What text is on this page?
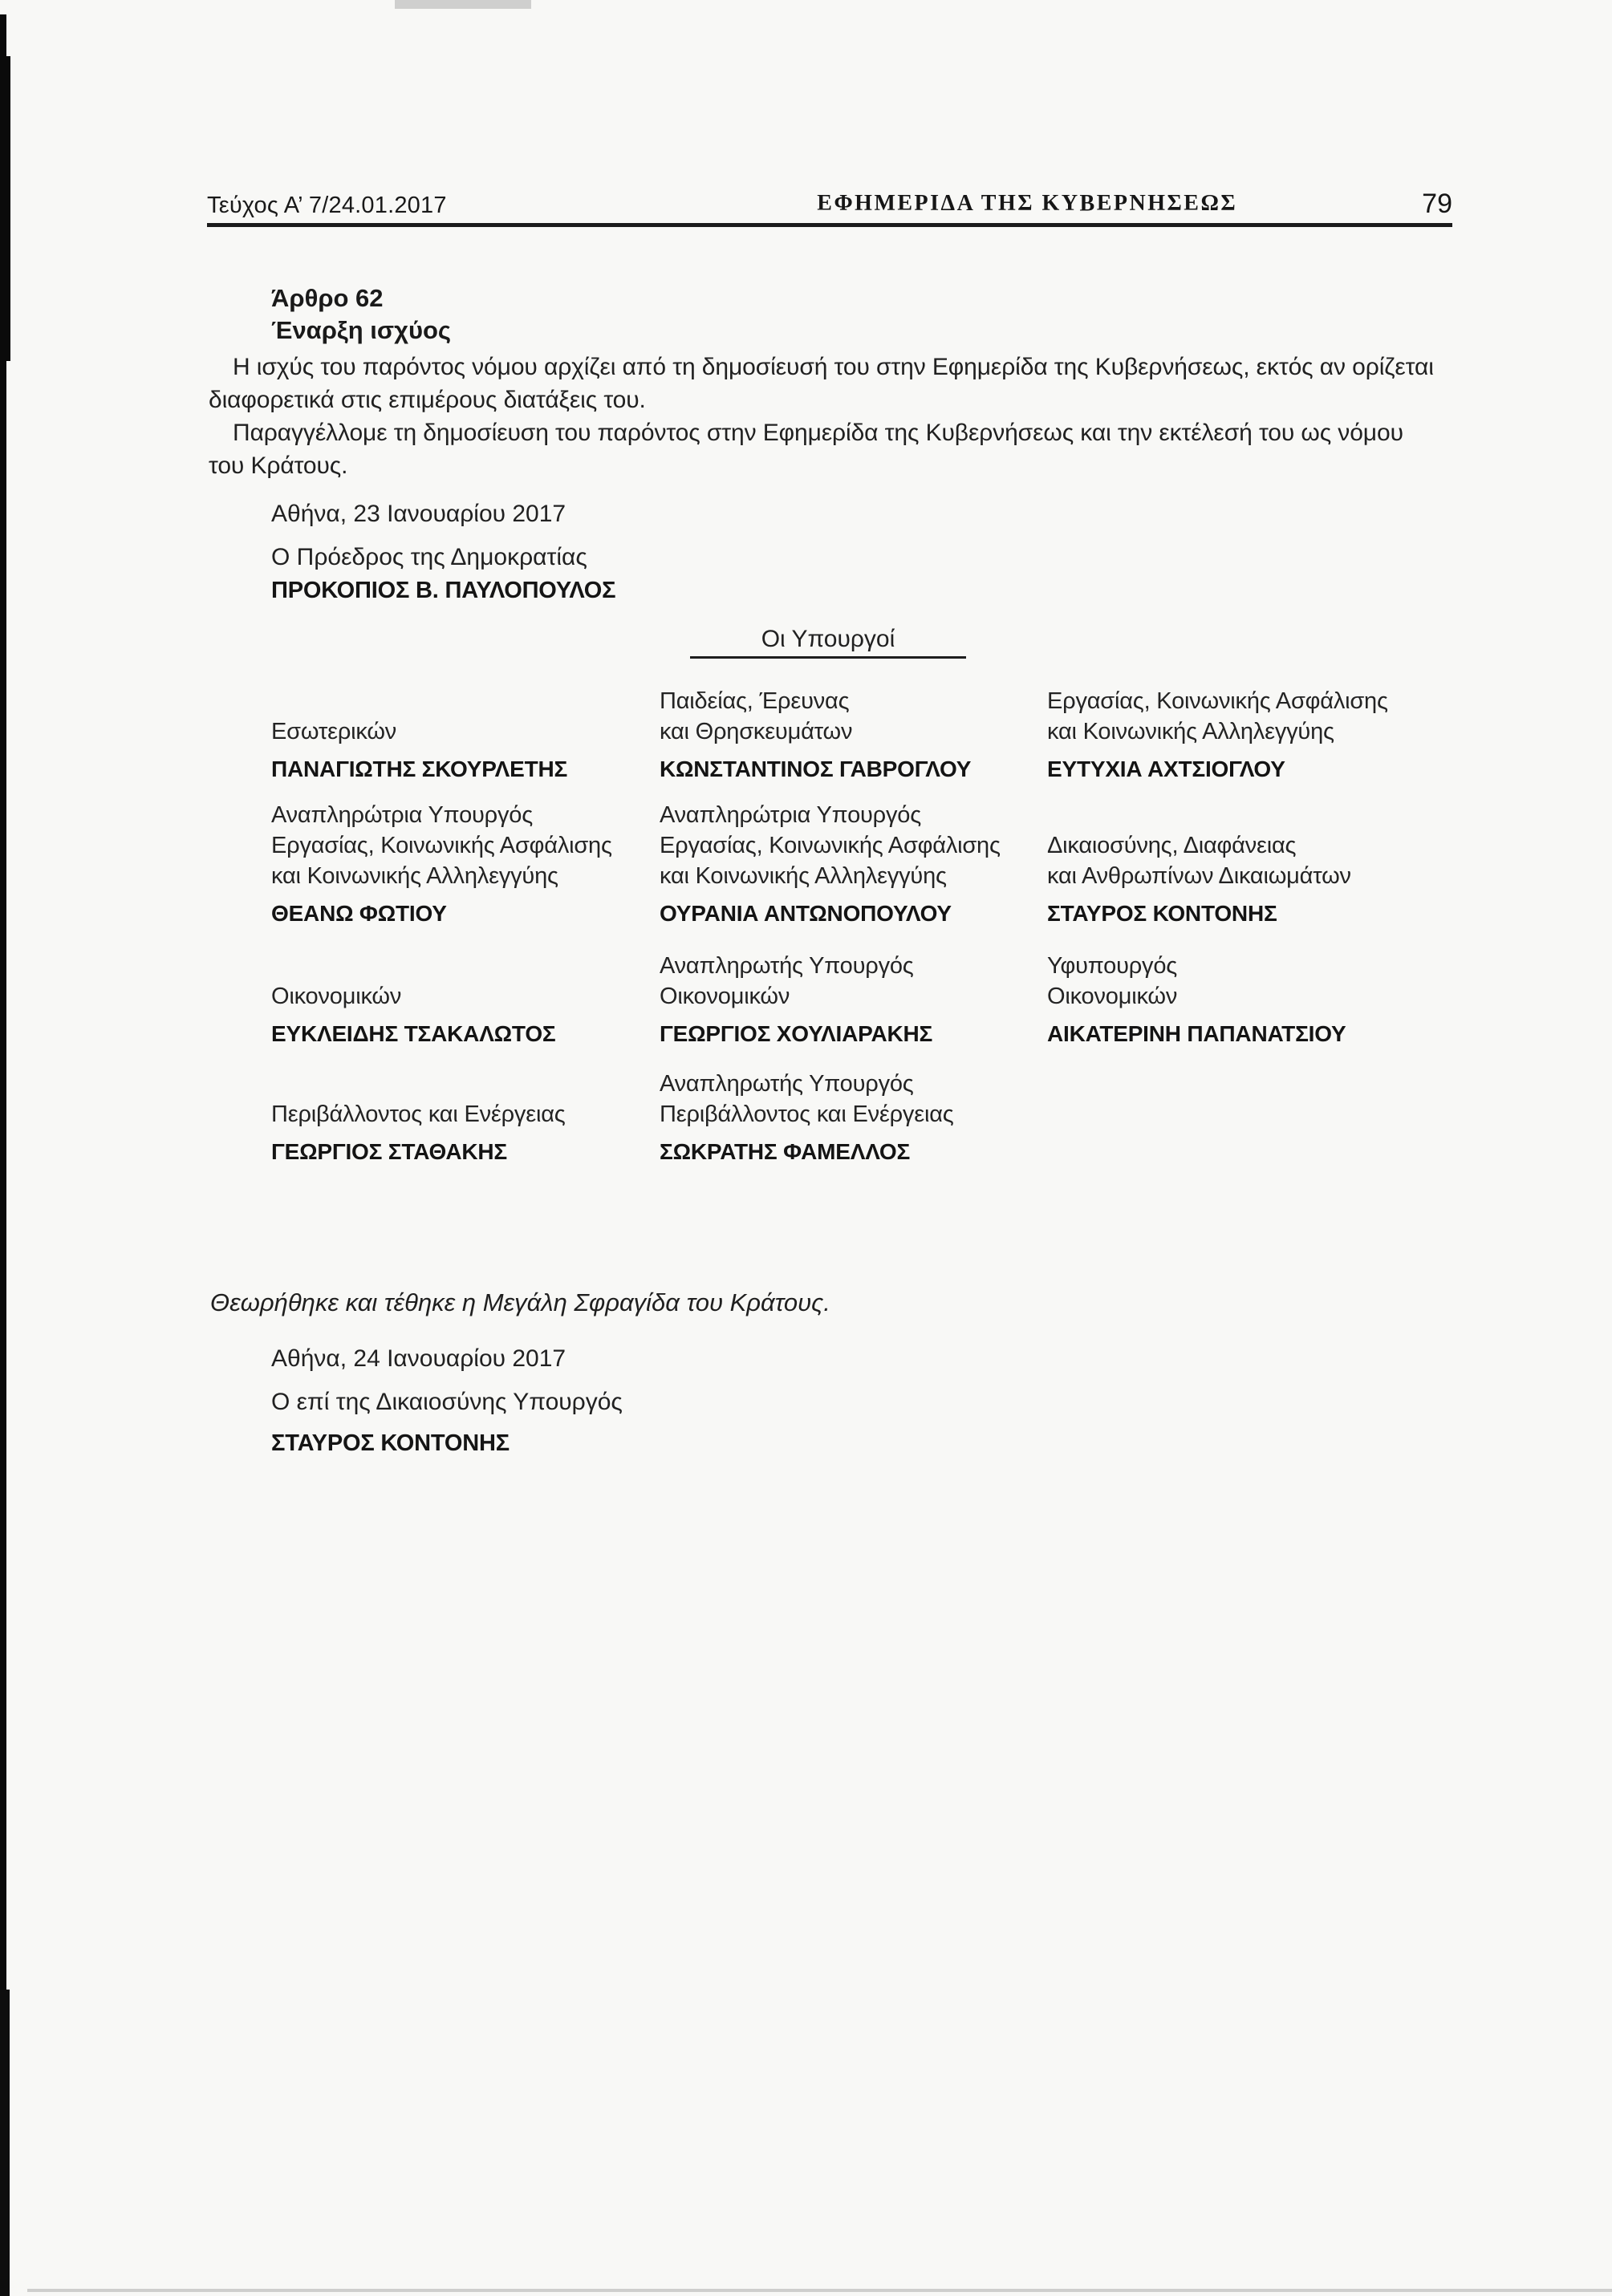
Τεύχος Α’ 7/24.01.2017	ΕΦΗΜΕΡΙΔΑ ΤΗΣ ΚΥΒΕΡΝΗΣΕΩΣ	79
Άρθρο 62
Έναρξη ισχύος
Η ισχύς του παρόντος νόμου αρχίζει από τη δημοσίευσή του στην Εφημερίδα της Κυβερνήσεως, εκτός αν ορίζεται
διαφορετικά στις επιμέρους διατάξεις του.
Παραγγέλλομε τη δημοσίευση του παρόντος στην Εφημερίδα της Κυβερνήσεως και την εκτέλεσή του ως νόμου
του Κράτους.
Αθήνα, 23 Ιανουαρίου 2017
Ο Πρόεδρος της Δημοκρατίας
ΠΡΟΚΟΠΙΟΣ Β. ΠΑΥΛΟΠΟΥΛΟΣ
Οι Υπουργοί
Εσωτερικών
ΠΑΝΑΓΙΩΤΗΣ ΣΚΟΥΡΛΕΤΗΣ
Παιδείας, Έρευνας
και Θρησκευμάτων
ΚΩΝΣΤΑΝΤΙΝΟΣ ΓΑΒΡΟΓΛΟΥ
Εργασίας, Κοινωνικής Ασφάλισης
και Κοινωνικής Αλληλεγγύης
ΕΥΤΥΧΙΑ ΑΧΤΣΙΟΓΛΟΥ
Αναπληρώτρια Υπουργός
Εργασίας, Κοινωνικής Ασφάλισης
και Κοινωνικής Αλληλεγγύης
ΘΕΑΝΩ ΦΩΤΙΟΥ
Αναπληρώτρια Υπουργός
Εργασίας, Κοινωνικής Ασφάλισης
και Κοινωνικής Αλληλεγγύης
ΟΥΡΑΝΙΑ ΑΝΤΩΝΟΠΟΥΛΟΥ
Δικαιοσύνης, Διαφάνειας
και Ανθρωπίνων Δικαιωμάτων
ΣΤΑΥΡΟΣ ΚΟΝΤΟΝΗΣ
Οικονομικών
ΕΥΚΛΕΙΔΗΣ ΤΣΑΚΑΛΩΤΟΣ
Αναπληρωτής Υπουργός
Οικονομικών
ΓΕΩΡΓΙΟΣ ΧΟΥΛΙΑΡΑΚΗΣ
Υφυπουργός
Οικονομικών
ΑΙΚΑΤΕΡΙΝΗ ΠΑΠΑΝΑΤΣΙΟΥ
Περιβάλλοντος και Ενέργειας
ΓΕΩΡΓΙΟΣ ΣΤΑΘΑΚΗΣ
Αναπληρωτής Υπουργός
Περιβάλλοντος και Ενέργειας
ΣΩΚΡΑΤΗΣ ΦΑΜΕΛΛΟΣ
Θεωρήθηκε και τέθηκε η Μεγάλη Σφραγίδα του Κράτους.
Αθήνα, 24 Ιανουαρίου 2017
Ο επί της Δικαιοσύνης Υπουργός
ΣΤΑΥΡΟΣ ΚΟΝΤΟΝΗΣ
